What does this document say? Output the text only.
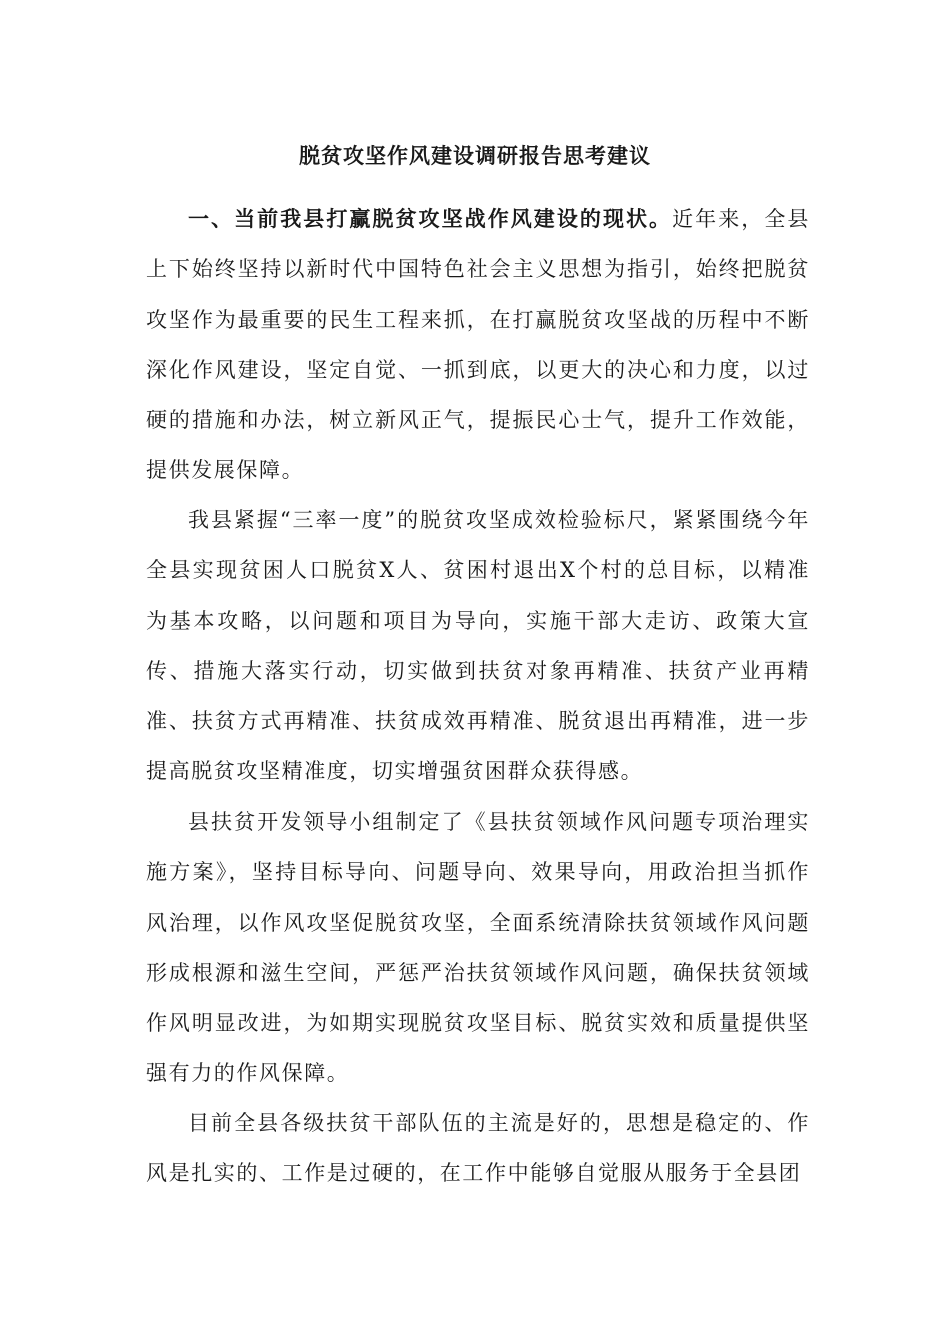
脱贫攻坚作风建设调研报告思考建议

一、当前我县打赢脱贫攻坚战作风建设的现状。近年来，全县上下始终坚持以新时代中国特色社会主义思想为指引，始终把脱贫攻坚作为最重要的民生工程来抓，在打赢脱贫攻坚战的历程中不断深化作风建设，坚定自觉、一抓到底，以更大的决心和力度，以过硬的措施和办法，树立新风正气，提振民心士气，提升工作效能，提供发展保障。

我县紧握“三率一度”的脱贫攻坚成效检验标尺，紧紧围绕今年全县实现贫困人口脱贫X人、贫困村退出X个村的总目标，以精准为基本攻略，以问题和项目为导向，实施干部大走访、政策大宣传、措施大落实行动，切实做到扶贫对象再精准、扶贫产业再精准、扶贫方式再精准、扶贫成效再精准、脱贫退出再精准，进一步提高脱贫攻坚精准度，切实增强贫困群众获得感。

县扶贫开发领导小组制定了《县扶贫领域作风问题专项治理实施方案》，坚持目标导向、问题导向、效果导向，用政治担当抓作风治理，以作风攻坚促脱贫攻坚，全面系统清除扶贫领域作风问题形成根源和滋生空间，严惩严治扶贫领域作风问题，确保扶贫领域作风明显改进，为如期实现脱贫攻坚目标、脱贫实效和质量提供坚强有力的作风保障。

目前全县各级扶贫干部队伍的主流是好的，思想是稳定的、作风是扎实的、工作是过硬的，在工作中能够自觉服从服务于全县团
